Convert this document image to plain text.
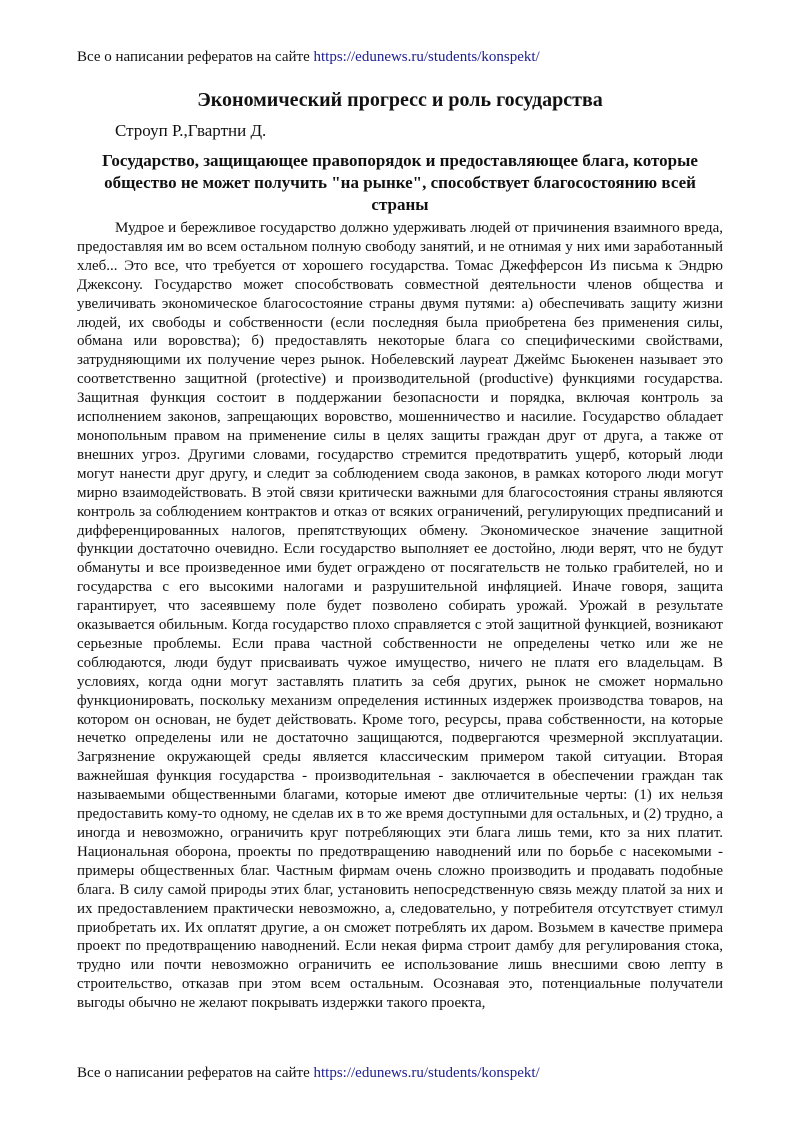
Все о написании рефератов на сайте https://edunews.ru/students/konspekt/
Экономический прогресс и роль государства
Строуп Р.,Гвартни Д.
Государство, защищающее правопорядок и предоставляющее блага, которые общество не может получить "на рынке", способствует благосостоянию всей страны

Мудрое и бережливое государство должно удерживать людей от причинения взаимного вреда, предоставляя им во всем остальном полную свободу занятий, и не отнимая у них ими заработанный хлеб... Это все, что требуется от хорошего государства. Томас Джефферсон Из письма к Эндрю Джексону. Государство может способствовать совместной деятельности членов общества и увеличивать экономическое благосостояние страны двумя путями: а) обеспечивать защиту жизни людей, их свободы и собственности (если последняя была приобретена без применения силы, обмана или воровства); б) предоставлять некоторые блага со специфическими свойствами, затрудняющими их получение через рынок. Нобелевский лауреат Джеймс Бьюкенен называет это соответственно защитной (protective) и производительной (productive) функциями государства. Защитная функция состоит в поддержании безопасности и порядка, включая контроль за исполнением законов, запрещающих воровство, мошенничество и насилие. Государство обладает монопольным правом на применение силы в целях защиты граждан друг от друга, а также от внешних угроз. Другими словами, государство стремится предотвратить ущерб, который люди могут нанести друг другу, и следит за соблюдением свода законов, в рамках которого люди могут мирно взаимодействовать. В этой связи критически важными для благосостояния страны являются контроль за соблюдением контрактов и отказ от всяких ограничений, регулирующих предписаний и дифференцированных налогов, препятствующих обмену. Экономическое значение защитной функции достаточно очевидно. Если государство выполняет ее достойно, люди верят, что не будут обмануты и все произведенное ими будет ограждено от посягательств не только грабителей, но и государства с его высокими налогами и разрушительной инфляцией. Иначе говоря, защита гарантирует, что засеявшему поле будет позволено собирать урожай. Урожай в результате оказывается обильным. Когда государство плохо справляется с этой защитной функцией, возникают серьезные проблемы. Если права частной собственности не определены четко или же не соблюдаются, люди будут присваивать чужое имущество, ничего не платя его владельцам. В условиях, когда одни могут заставлять платить за себя других, рынок не сможет нормально функционировать, поскольку механизм определения истинных издержек производства товаров, на котором он основан, не будет действовать. Кроме того, ресурсы, права собственности, на которые нечетко определены или не достаточно защищаются, подвергаются чрезмерной эксплуатации. Загрязнение окружающей среды является классическим примером такой ситуации. Вторая важнейшая функция государства - производительная - заключается в обеспечении граждан так называемыми общественными благами, которые имеют две отличительные черты: (1) их нельзя предоставить кому-то одному, не сделав их в то же время доступными для остальных, и (2) трудно, а иногда и невозможно, ограничить круг потребляющих эти блага лишь теми, кто за них платит. Национальная оборона, проекты по предотвращению наводнений или по борьбе с насекомыми - примеры общественных благ. Частным фирмам очень сложно производить и продавать подобные блага. В силу самой природы этих благ, установить непосредственную связь между платой за них и их предоставлением практически невозможно, а, следовательно, у потребителя отсутствует стимул приобретать их. Их оплатят другие, а он сможет потреблять их даром. Возьмем в качестве примера проект по предотвращению наводнений. Если некая фирма строит дамбу для регулирования стока, трудно или почти невозможно ограничить ее использование лишь внесшими свою лепту в строительство, отказав при этом всем остальным. Осознавая это, потенциальные получатели выгоды обычно не желают покрывать издержки такого проекта,

Все о написании рефератов на сайте https://edunews.ru/students/konspekt/
